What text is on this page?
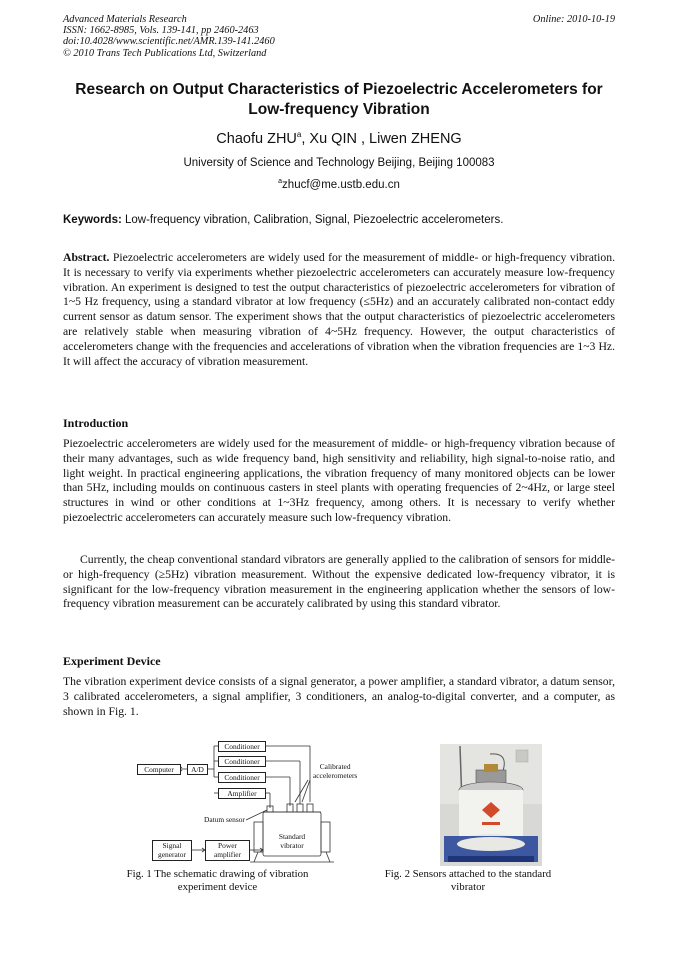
Advanced Materials Research
ISSN: 1662-8985, Vols. 139-141, pp 2460-2463
doi:10.4028/www.scientific.net/AMR.139-141.2460
© 2010 Trans Tech Publications Ltd, Switzerland
Online: 2010-10-19
Research on Output Characteristics of Piezoelectric Accelerometers for
Low-frequency Vibration
Chaofu ZHU$^a$, Xu QIN , Liwen ZHENG
University of Science and Technology Beijing, Beijing 100083
$^a$zhucf@me.ustb.edu.cn
Keywords: Low-frequency vibration, Calibration, Signal, Piezoelectric accelerometers.
Abstract. Piezoelectric accelerometers are widely used for the measurement of middle- or high-frequency vibration. It is necessary to verify via experiments whether piezoelectric accelerometers can accurately measure low-frequency vibration. An experiment is designed to test the output characteristics of piezoelectric accelerometers for vibration of 1~5 Hz frequency, using a standard vibrator at low frequency (≤5Hz) and an accurately calibrated non-contact eddy current sensor as datum sensor. The experiment shows that the output characteristics of piezoelectric accelerometers are relatively stable when measuring vibration of 4~5Hz frequency. However, the output characteristics of accelerometers change with the frequencies and accelerations of vibration when the vibration frequencies are 1~3 Hz. It will affect the accuracy of vibration measurement.
Introduction
Piezoelectric accelerometers are widely used for the measurement of middle- or high-frequency vibration because of their many advantages, such as wide frequency band, high sensitivity and reliability, high signal-to-noise ratio, and light weight. In practical engineering applications, the vibration frequency of many monitored objects can be lower than 5Hz, including moulds on continuous casters in steel plants with operating frequencies of 2~4Hz, or large steel structures in wind or other conditions at 1~3Hz frequency, among others. It is necessary to verify whether piezoelectric accelerometers can accurately measure such low-frequency vibration.
Currently, the cheap conventional standard vibrators are generally applied to the calibration of sensors for middle- or high-frequency (≥5Hz) vibration measurement. Without the expensive dedicated low-frequency vibrator, it is significant for the low-frequency vibration measurement in the engineering application whether the sensors of low-frequency vibration measurement can be accurately calibrated by using this standard vibrator.
Experiment Device
The vibration experiment device consists of a signal generator, a power amplifier, a standard vibrator, a datum sensor, 3 calibrated accelerometers, a signal amplifier, 3 conditioners, an analog-to-digital converter, and a computer, as shown in Fig. 1.
Computer	A/D
Conditioner
Conditioner
Conditioner
Amplifier
Calibrated
accelerometers
Datum sensor
Standard
vibrator
Signal
generator
Power
amplifier
Fig. 1 The schematic drawing of vibration
experiment device
Fig. 2 Sensors attached to the standard
vibrator
